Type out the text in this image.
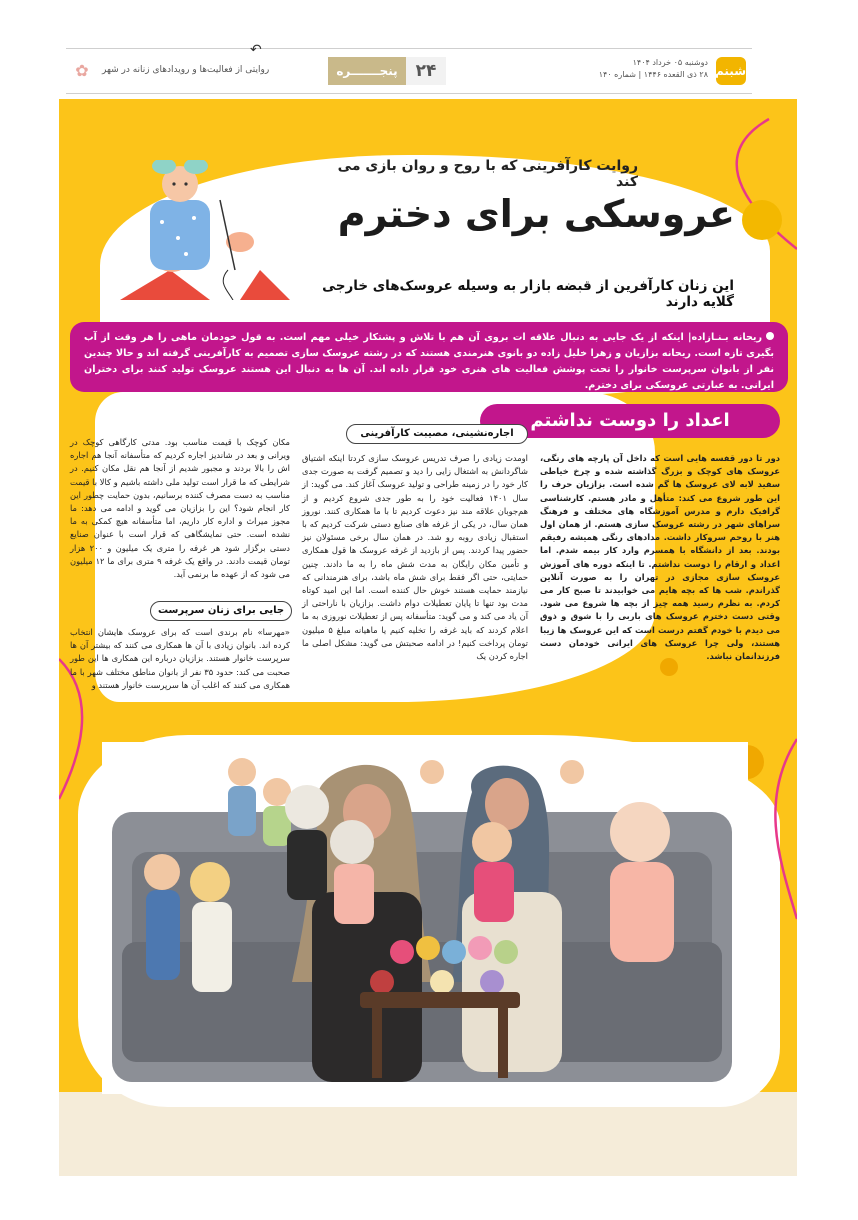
شبنم
دوشنبه ۰۵ خرداد ۱۴۰۴
۲۸ ذی القعده ۱۴۴۶ | شماره ۱۴۰
۲۴
پنجـــــــره
روایتی از فعالیت‌ها و رویدادهای زنانه در شهر
✿
↶
روایت کارآفرینی که با روح و روان بازی می کند
عروسکی برای دخترم
این زنان کارآفرین از قبضه بازار به وسیله عروسک‌های خارجی گلایه دارند
ریحانه بـنـازاده| اینکه از یک جایی به دنبال علاقه ات بروی آن هم با تلاش و پشتکار خیلی مهم است. به قول خودمان ماهی را هر وقت از آب بگیری تازه است. ریحانه بزازیان و زهرا خلیل زاده دو بانوی هنرمندی هستند که در رشته عروسک سازی تصمیم به کارآفرینی گرفته اند و حالا چندین نفر از بانوان سرپرست خانوار را تحت پوشش فعالیت های هنری خود قرار داده اند. آن ها به دنبال این هستند عروسک تولید کنند برای دختران ایرانی. به عبارتی عروسکی برای دخترم.
اعداد را دوست نداشتم
دور تا دور قفسه هایی است که داخل آن پارچه های رنگی، عروسک های کوچک و بزرگ گذاشته شده و چرخ خیاطی سفید لابه لای عروسک ها گم شده است. بزازیان حرف را این طور شروع می کند: متأهل و مادر هستم. کارشناسی گرافیک دارم و مدرس آموزشگاه های مختلف و فرهنگ سراهای شهر در رشته عروسک سازی هستم. از همان اول هنر با روحم سروکار داشت. مدادهای رنگی همیشه رفیقم بودند. بعد از دانشگاه با همسرم وارد کار بیمه شدم. اما اعداد و ارقام را دوست نداشتم. تا اینکه دوره های آموزش عروسک سازی مجازی در تهران را به صورت آنلاین گذراندم. شب ها که بچه هایم می خوابیدند تا صبح کار می کردم. به نظرم رسید همه چیز از بچه ها شروع می شود. وقتی دست دخترم عروسک های باربی را با شوق و ذوق می دیدم با خودم گفتم درست است که این عروسک ها زیبا هستند، ولی چرا عروسک های ایرانی خودمان دست فرزندانمان نباشد.
اجاره‌نشینی، مصیبت کارآفرینی
اومدت زیادی را صرف تدریس عروسک سازی کردتا اینکه اشتیاق شاگردانش به اشتغال زایی را دید و تصمیم گرفت به صورت جدی کار خود را در زمینه طراحی و تولید عروسک آغاز کند. می گوید: از سال ۱۴۰۱ فعالیت خود را به طور جدی شروع کردیم و از هم‌جوبان علاقه مند نیز دعوت کردیم تا با ما همکاری کنند. نوروز همان سال، در یکی از غرفه های صنایع دستی شرکت کردیم که با استقبال زیادی روبه رو شد. در همان سال برخی مسئولان نیز حضور پیدا کردند. پس از بازدید از غرفه عروسک ها قول همکاری و تأمین مکان رایگان به مدت شش ماه را به ما دادند. چنین حمایتی، حتی اگر فقط برای شش ماه باشد، برای هنرمندانی که نیازمند حمایت هستند خوش حال کننده است. اما این امید کوتاه مدت بود تنها تا پایان تعطیلات دوام داشت. بزازیان با ناراحتی از آن یاد می کند و می گوید: متأسفانه پس از تعطیلات نوروزی به ما اعلام کردند که باید غرفه را تخلیه کنیم یا ماهیانه مبلغ ۵ میلیون تومان پرداخت کنیم! در ادامه صحبتش می گوید: مشکل اصلی ما اجاره کردن یک
مکان کوچک با قیمت مناسب بود. مدتی کارگاهی کوچک در ویرانی و بعد در شاندیز اجاره کردیم که متأسفانه آنجا هم اجاره اش را بالا بردند و مجبور شدیم از آنجا هم نقل مکان کنیم. در شرایطی که ما قرار است تولید ملی داشته باشیم و کالا با قیمت مناسب به دست مصرف کننده برسانیم، بدون حمایت چطور این کار انجام شود؟ این را بزازیان می گوید و ادامه می دهد: ما مجوز میراث و اداره کار داریم، اما متأسفانه هیچ کمکی به ما نشده است. حتی نمایشگاهی که قرار است با عنوان صنایع دستی برگزار شود هر غرفه را متری یک میلیون و ۲۰۰ هزار تومان قیمت دادند. در واقع یک غرفه ۹ متری برای ما ۱۲ میلیون می شود که از عهده ما برنمی آید.
جایی برای زنان سرپرست
«مهرسا» نام برندی است که برای عروسک هایشان انتخاب کرده اند. بانوان زیادی با آن ها همکاری می کنند که بیشتر آن ها سرپرست خانوار هستند. بزازیان درباره این همکاری ها این طور صحبت می کند: حدود ۳۵ نفر از بانوان مناطق مختلف شهر با ما همکاری می کنند که اغلب آن ها سرپرست خانوار هستند و
